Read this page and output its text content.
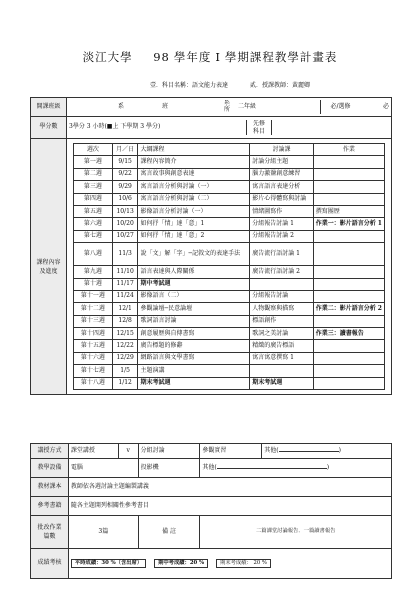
淡江大學 98 學年度 I 學期課程教學計畫表
壹．科目名稱：語文能力表達	貳．授課教師：黃麗卿
開課班級	
		系	班	系
所	二年級	必/選修	必

學分數	3學分 3 小時(■上 下學期 3 學分)	
先修
科目

課程內容
及進度

週次	月／日	大綱課程	討論課	作業
第一週	9/15	課程內容簡介	討論分組主題	
第二週	9/22	寓言故事與創意表達	腦力激盪創意練習	
第三週	9/29	寓言語言分析與討論（一）	寓言語言表達分析	
第四週	10/6	寓言語言分析與討論（二）	影片心得體寫與討論	
第五週	10/13	影像語言分析討論（一）	情緒圖寫作	撰寫團歷
第六週	10/20	如何抒「情」達「意」1	分組報告討論 1	作業一：影片語言分析 1
第七週	10/27	如何抒「情」達「意」2	分組報告討論 2	
第八週	11/3	說「文」解「字」─記敘文的表達手法	廣告流行語討論 1	
第九週	11/10	語言表達與人際關係	廣告流行語討論 2	
第十週	11/17	期中考試週		
第十一週	11/24	影像語言（二）	分組報告討論	
第十二週	12/1	參觀論壇─民意論壇	人物觀察與描寫	作業二：影片語言分析 2
第十三週	12/8	歌詞語言討論	標語創作	
第十四週	12/15	創意履歷與自傳書寫	歌詞之美討論	作業三：讀書報告
第十五週	12/22	廣告標題的修辭	精緻的廣告標語	
第十六週	12/29	網路語言與文學書寫	寓言寓意撰寫 1	
第十七週	1/5	主題演講		
第十八週	1/12	期末考試週	期末考試週	
講授方式	課堂講授	v	分組討論	參觀實習	其他( )
教學設備	電腦		投影機	其他( )	
教材課本	教師依各週討論主題編製講義				
參考書籍	隨各主題開列相關性參考書目				

批改作業
篇數	3篇		備 註	二篇課堂討論報告．一篇讀書報告	
成績考核	平時成績：30 %（含出席） 期中考成績：20 % 期末考成績： 20 %				
